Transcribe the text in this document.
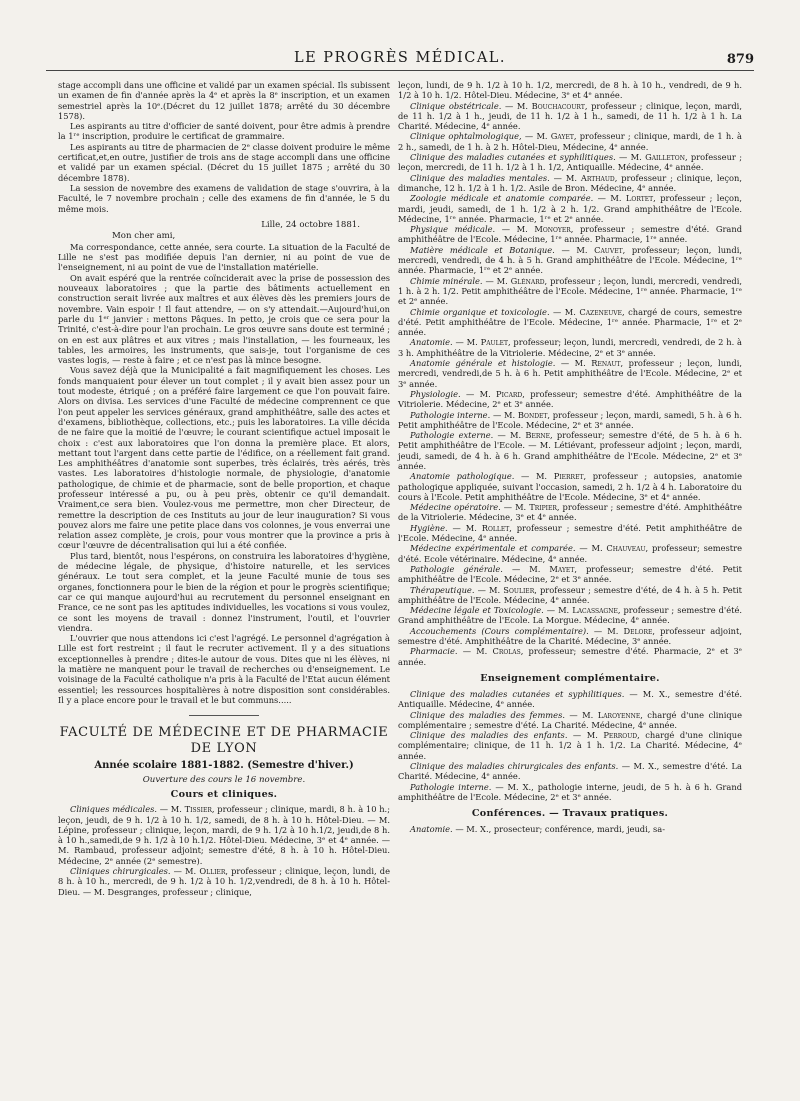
LE PROGRÈS MÉDICAL.	879

stage accompli dans une officine et validé par un examen spécial. Ils subissent un examen de fin d'année après la 4ᵉ et après la 8ᵉ inscription, et un examen semestriel après la 10ᵉ.(Décret du 12 juillet 1878; arrêté du 30 décembre 1578).

Les aspirants au titre d'officier de santé doivent, pour être admis à prendre la 1ʳᵉ inscription, produire le certificat de grammaire.

Les aspirants au titre de pharmacien de 2ᵉ classe doivent produire le même certificat,et,en outre, justifier de trois ans de stage accompli dans une officine et validé par un examen spécial. (Décret du 15 juillet 1875 ; arrêté du 30 décembre 1878).

La session de novembre des examens de validation de stage s'ouvrira, à la Faculté, le 7 novembre prochain ; celle des examens de fin d'année, le 5 du même mois.

Lille, 24 octobre 1881.
Mon cher ami,

Ma correspondance, cette année, sera courte. La situation de la Faculté de Lille ne s'est pas modifiée depuis l'an dernier, ni au point de vue de l'enseignement, ni au point de vue de l'installation matérielle.

On avait espéré que la rentrée coïnciderait avec la prise de possession des nouveaux laboratoires ; que la partie des bâtiments actuellement en construction serait livrée aux maîtres et aux élèves dès les premiers jours de novembre. Vain espoir ! Il faut attendre, — on s'y attendait.—Aujourd'hui,on parle du 1ᵉʳ janvier : mettons Pâques. In petto, je crois que ce sera pour la Trinité, c'est-à-dire pour l'an prochain. Le gros œuvre sans doute est terminé ; on en est aux plâtres et aux vitres ; mais l'installation, — les fourneaux, les tables, les armoires, les instruments, que sais-je, tout l'organisme de ces vastes logis, — reste à faire ; et ce n'est pas là mince besogne.

Vous savez déjà que la Municipalité a fait magnifiquement les choses. Les fonds manquaient pour élever un tout complet ; il y avait bien assez pour un tout modeste, étriqué ; on a préféré faire largement ce que l'on pouvait faire. Alors on divisa. Les services d'une Faculté de médecine comprennent ce que l'on peut appeler les services généraux, grand amphithéâtre, salle des actes et d'examens, bibliothèque, collections, etc.; puis les laboratoires. La ville décida de ne faire que la moitié de l'œuvre; le courant scientifique actuel imposait le choix : c'est aux laboratoires que l'on donna la première place. Et alors, mettant tout l'argent dans cette partie de l'édifice, on a réellement fait grand. Les amphithéâtres d'anatomie sont superbes, très éclairés, très aérés, très vastes. Les laboratoires d'histologie normale, de physiologie, d'anatomie pathologique, de chimie et de pharmacie, sont de belle proportion, et chaque professeur intéressé a pu, ou à peu près, obtenir ce qu'il demandait. Vraiment,ce sera bien. Voulez-vous me permettre, mon cher Directeur, de remettre la description de ces Instituts au jour de leur inauguration? Si vous pouvez alors me faire une petite place dans vos colonnes, je vous enverrai une relation assez complète, je crois, pour vous montrer que la province a pris à cœur l'œuvre de décentralisation qui lui a été confiée.

Plus tard, bientôt, nous l'espérons, on construira les laboratoires d'hygiène, de médecine légale, de physique, d'histoire naturelle, et les services généraux. Le tout sera complet, et la jeune Faculté munie de tous ses organes, fonctionnera pour le bien de la région et pour le progrès scientifique; car ce qui manque aujourd'hui au recrutement du personnel enseignant en France, ce ne sont pas les aptitudes individuelles, les vocations si vous voulez, ce sont les moyens de travail : donnez l'instrument, l'outil, et l'ouvrier viendra.

L'ouvrier que nous attendons ici c'est l'agrégé. Le personnel d'agrégation à Lille est fort restreint ; il faut le recruter activement. Il y a des situations exceptionnelles à prendre ; dites-le autour de vous. Dites que ni les élèves, ni la matière ne manquent pour le travail de recherches ou d'enseignement. Le voisinage de la Faculté catholique n'a pris à la Faculté de l'Etat aucun élément essentiel; les ressources hospitalières à notre disposition sont considérables. Il y a place encore pour le travail et le but communs.....

FACULTÉ DE MÉDECINE ET DE PHARMACIE DE LYON
Année scolaire 1881-1882. (Semestre d'hiver.)
Ouverture des cours le 16 novembre.
Cours et cliniques.

Cliniques médicales. — M. Tissier, professeur ; clinique, mardi, 8 h. à 10 h.; leçon, jeudi, de 9 h. 1/2 à 10 h. 1/2, samedi, de 8 h. à 10 h. Hôtel-Dieu. — M. Lépine, professeur ; clinique, leçon, mardi, de 9 h. 1/2 à 10 h.1/2, jeudi,de 8 h. à 10 h.,samedi,de 9 h. 1/2 à 10 h.1/2. Hôtel-Dieu. Médecine, 3ᵉ et 4ᵉ année. — M. Rambaud, professeur adjoint; semestre d'été, 8 h. à 10 h. Hôtel-Dieu. Médecine, 2ᵉ année (2ᵉ semestre).

Cliniques chirurgicales. — M. Ollier, professeur ; clinique, leçon, lundi, de 8 h. à 10 h., mercredi, de 9 h. 1/2 à 10 h. 1/2,vendredi, de 8 h. à 10 h. Hôtel-Dieu. — M. Desgranges, professeur ; clinique,

leçon, lundi, de 9 h. 1/2 à 10 h. 1/2, mercredi, de 8 h. à 10 h., vendredi, de 9 h. 1/2 à 10 h. 1/2. Hôtel-Dieu. Médecine, 3ᵉ et 4ᵉ année.

Clinique obstétricale. — M. Bouchacourt, professeur ; clinique, leçon, mardi, de 11 h. 1/2 à 1 h., jeudi, de 11 h. 1/2 à 1 h., samedi, de 11 h. 1/2 à 1 h. La Charité. Médecine, 4ᵉ année.

Clinique ophtalmologique, — M. Gayet, professeur ; clinique, mardi, de 1 h. à 2 h., samedi, de 1 h. à 2 h. Hôtel-Dieu, Médecine, 4ᵉ année.

Clinique des maladies cutanées et syphilitiques. — M. Gailleton, professeur ; leçon, mercredi, de 11 h. 1/2 à 1 h. 1/2, Antiquaille. Médecine, 4ᵉ année.

Clinique des maladies mentales. — M. Arthaud, professeur ; clinique, leçon, dimanche, 12 h. 1/2 à 1 h. 1/2. Asile de Bron. Médecine, 4ᵉ année.

Zoologie médicale et anatomie comparée. — M. Lortet, professeur ; leçon, mardi, jeudi, samedi, de 1 h. 1/2 à 2 h. 1/2. Grand amphithéâtre de l'Ecole. Médecine, 1ʳᵉ année. Pharmacie, 1ʳᵉ et 2ᵉ année.

Physique médicale. — M. Monoyer, professeur ; semestre d'été. Grand amphithéâtre de l'Ecole. Médecine, 1ʳᵉ année. Pharmacie, 1ʳᵉ année.

Matière médicale et Botanique. — M. Cauvet, professeur; leçon, lundi, mercredi, vendredi, de 4 h. à 5 h. Grand amphithéâtre de l'Ecole. Médecine, 1ʳᵉ année. Pharmacie, 1ʳᵉ et 2ᵉ année.

Chimie minérale. — M. Glénard, professeur ; leçon, lundi, mercredi, vendredi, 1 h. à 2 h. 1/2. Petit amphithéâtre de l'Ecole. Médecine, 1ʳᵉ année. Pharmacie, 1ʳᵉ et 2ᵉ année.

Chimie organique et toxicologie. — M. Cazeneuve, chargé de cours, semestre d'été. Petit amphithéâtre de l'Ecole. Médecine, 1ʳᵉ année. Pharmacie, 1ʳᵉ et 2ᵉ année.

Anatomie. — M. Paulet, professeur; leçon, lundi, mercredi, vendredi, de 2 h. à 3 h. Amphithéâtre de la Vitriolerie. Médecine, 2ᵉ et 3ᵉ année.

Anatomie générale et histologie. — M. Renaut, professeur ; leçon, lundi, mercredi, vendredi,de 5 h. à 6 h. Petit amphithéâtre de l'Ecole. Médecine, 2ᵉ et 3ᵉ année.

Physiologie. — M. Picard, professeur; semestre d'été. Amphithéâtre de la Vitriolerie. Médecine, 2ᵉ et 3ᵉ année.

Pathologie interne. — M. Bondet, professeur ; leçon, mardi, samedi, 5 h. à 6 h. Petit amphithéâtre de l'Ecole. Médecine, 2ᵉ et 3ᵉ année.

Pathologie externe. — M. Berne, professeur; semestre d'été, de 5 h. à 6 h. Petit amphithéâtre de l'Ecole. — M. Létiévant, professeur adjoint ; leçon, mardi, jeudi, samedi, de 4 h. à 6 h. Grand amphithéâtre de l'Ecole. Médecine, 2ᵉ et 3ᵉ année.

Anatomie pathologique. — M. Pierret, professeur ; autopsies, anatomie pathologique appliquée, suivant l'occasion, samedi, 2 h. 1/2 à 4 h. Laboratoire du cours à l'Ecole. Petit amphithéâtre de l'Ecole. Médecine, 3ᵉ et 4ᵉ année.

Médecine opératoire. — M. Tripier, professeur ; semestre d'été. Amphithéâtre de la Vitriolerie. Médecine, 3ᵉ et 4ᵉ année.

Hygiène. — M. Rollet, professeur ; semestre d'été. Petit amphithéâtre de l'Ecole. Médecine, 4ᵉ année.

Médecine expérimentale et comparée. — M. Chauveau, professeur; semestre d'été. Ecole vétérinaire. Médecine, 4ᵉ année.

Pathologie générale. — M. Mayet, professeur; semestre d'été. Petit amphithéâtre de l'Ecole. Médecine, 2ᵉ et 3ᵉ année.

Thérapeutique. — M. Soulier, professeur ; semestre d'été, de 4 h. à 5 h. Petit amphithéâtre de l'Ecole. Médecine, 4ᵉ année.

Médecine légale et Toxicologie. — M. Lacassagne, professeur ; semestre d'été. Grand amphithéâtre de l'Ecole. La Morgue. Médecine, 4ᵉ année.

Accouchements (Cours complémentaire). — M. Delore, professeur adjoint, semestre d'été. Amphithéâtre de la Charité. Médecine, 3ᵉ année.

Pharmacie. — M. Crolas, professeur; semestre d'été. Pharmacie, 2ᵉ et 3ᵉ année.

Enseignement complémentaire.

Clinique des maladies cutanées et syphilitiques. — M. X., semestre d'été. Antiquaille. Médecine, 4ᵉ année.

Clinique des maladies des femmes. — M. Laroyenne, chargé d'une clinique complémentaire ; semestre d'été. La Charité. Médecine, 4ᵉ année.

Clinique des maladies des enfants. — M. Perroud, chargé d'une clinique complémentaire; clinique, de 11 h. 1/2 à 1 h. 1/2. La Charité. Médecine, 4ᵉ année.

Clinique des maladies chirurgicales des enfants. — M. X., semestre d'été. La Charité. Médecine, 4ᵉ année.

Pathologie interne. — M. X., pathologie interne, jeudi, de 5 h. à 6 h. Grand amphithéâtre de l'Ecole. Médecine, 2ᵉ et 3ᵉ année.

Conférences. — Travaux pratiques.

Anatomie. — M. X., prosecteur; conférence, mardi, jeudi, sa-
